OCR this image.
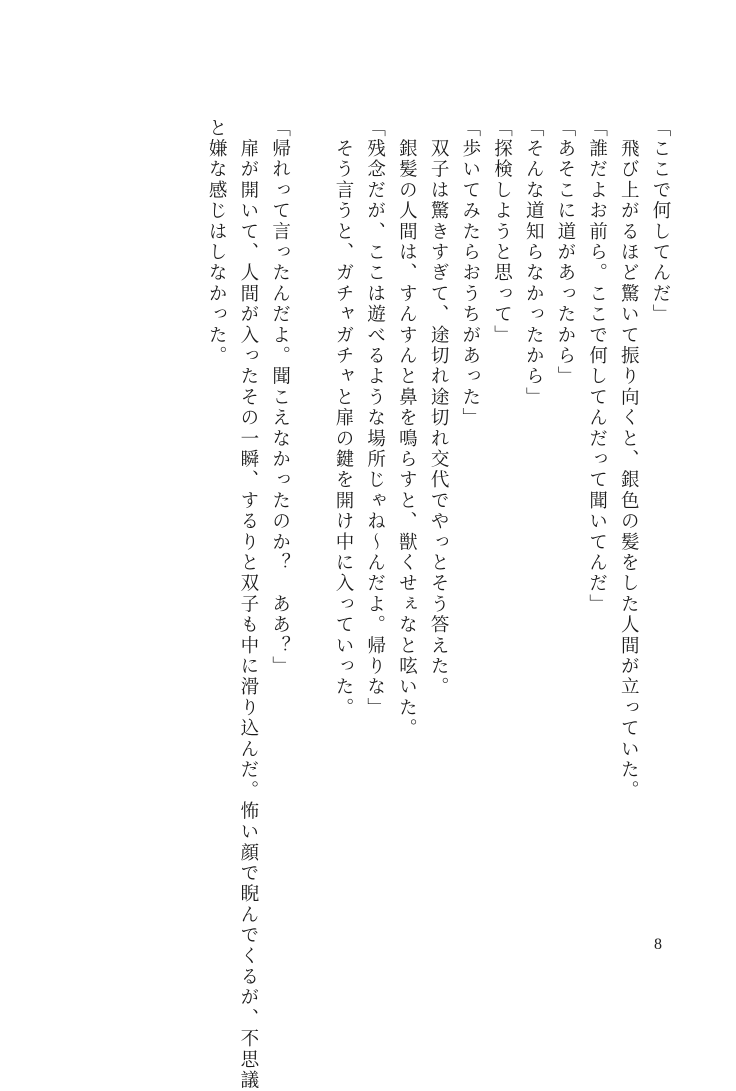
「ここで何してんだ」
　飛び上がるほど驚いて振り向くと、銀色の髪をした人間が立っていた。
「誰だよお前ら。ここで何してんだって聞いてんだ」
「あそこに道があったから」
「そんな道知らなかったから」
「探検しようと思って」
「歩いてみたらおうちがあった」
　双子は驚きすぎて、途切れ途切れ交代でやっとそう答えた。
　銀髪の人間は、すんすんと鼻を鳴らすと、獣くせぇなと呟いた。
「残念だが、ここは遊べるような場所じゃね～んだよ。帰りな」
　そう言うと、ガチャガチャと扉の鍵を開け中に入っていった。

「帰れって言ったんだよ。聞こえなかったのか？　ああ？」
　扉が開いて、人間が入ったその一瞬、するりと双子も中に滑り込んだ。怖い顔で睨んでくるが、不思議
と嫌な感じはしなかった。
8
